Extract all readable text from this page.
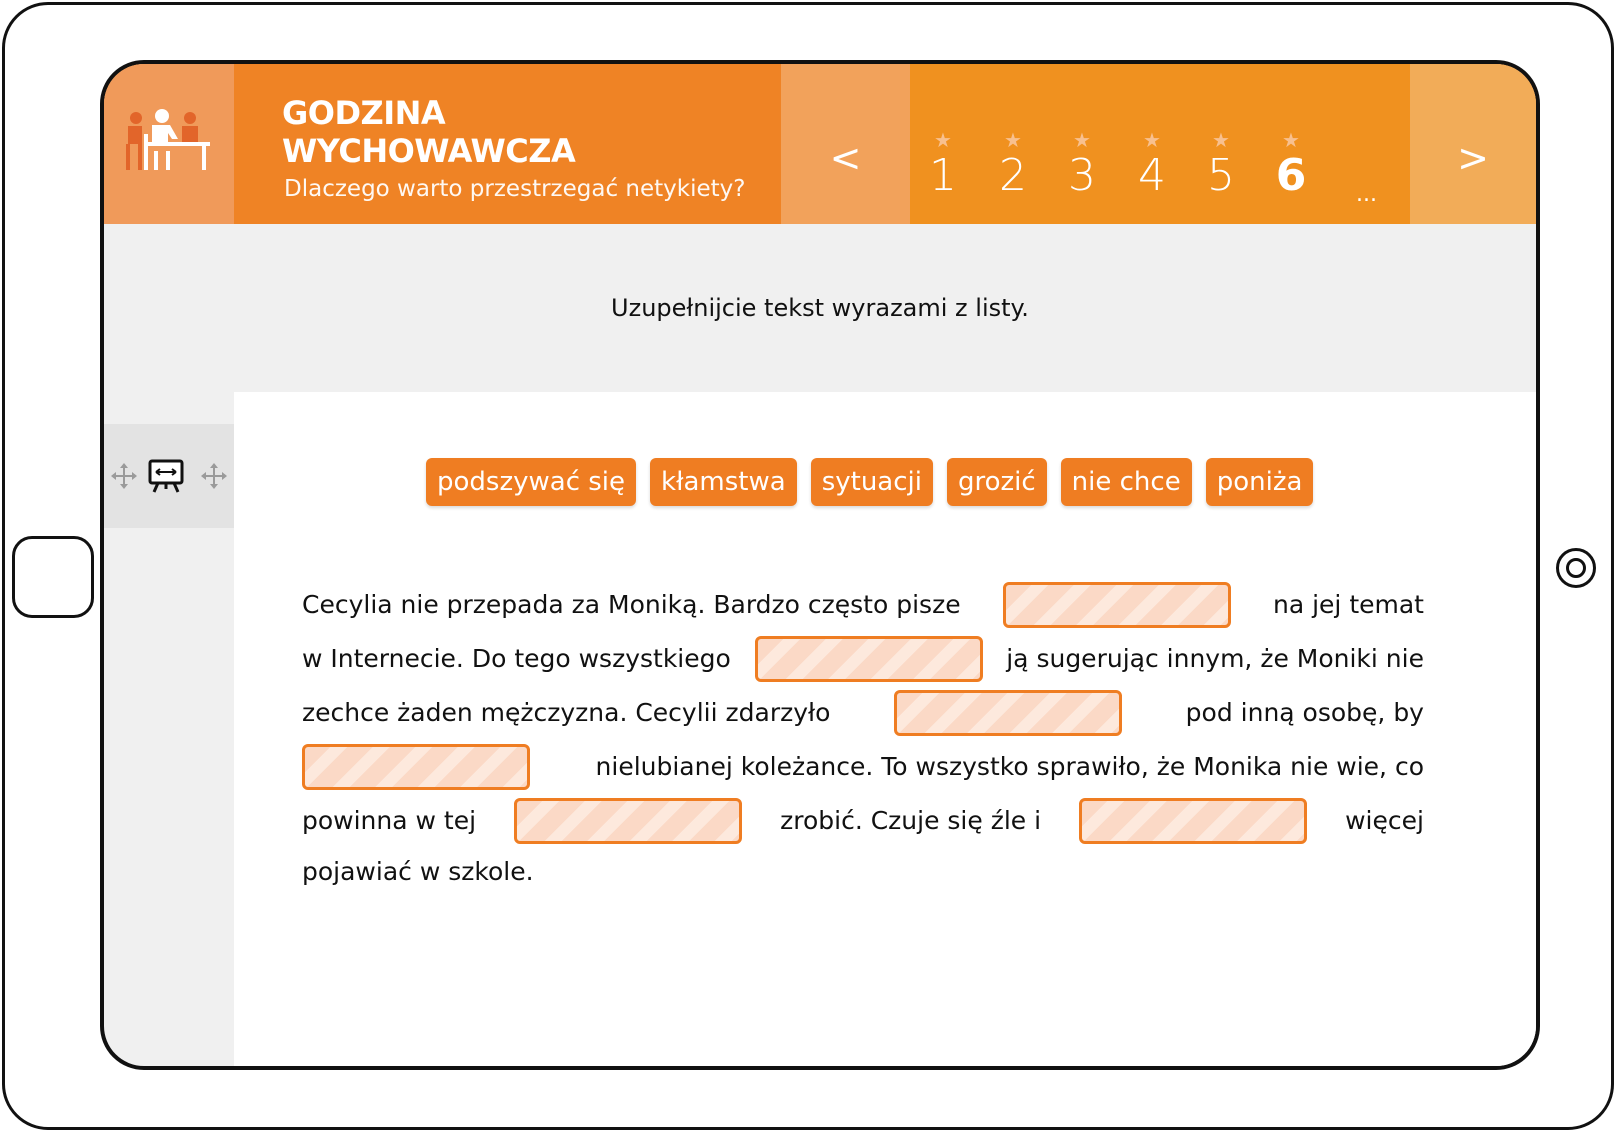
GODZINA
WYCHOWAWCZA
Dlaczego warto przestrzegać netykiety?
<	★
1
★
2
★
3
★
4
★
5
★
6	...
>
Uzupełnijcie tekst wyrazami z listy.
podszywać się	kłamstwa	sytuacji	grozić	nie chce	poniża
Cecylia nie przepada za Moniką. Bardzo często pisze	na jej temat
w Internecie. Do tego wszystkiego	ją sugerując innym, że Moniki nie
zechce żaden mężczyzna. Cecylii zdarzyło	pod inną osobę, by
nielubianej koleżance. To wszystko sprawiło, że Monika nie wie, co
powinna w tej	zrobić. Czuje się źle i	więcej
pojawiać w szkole.
